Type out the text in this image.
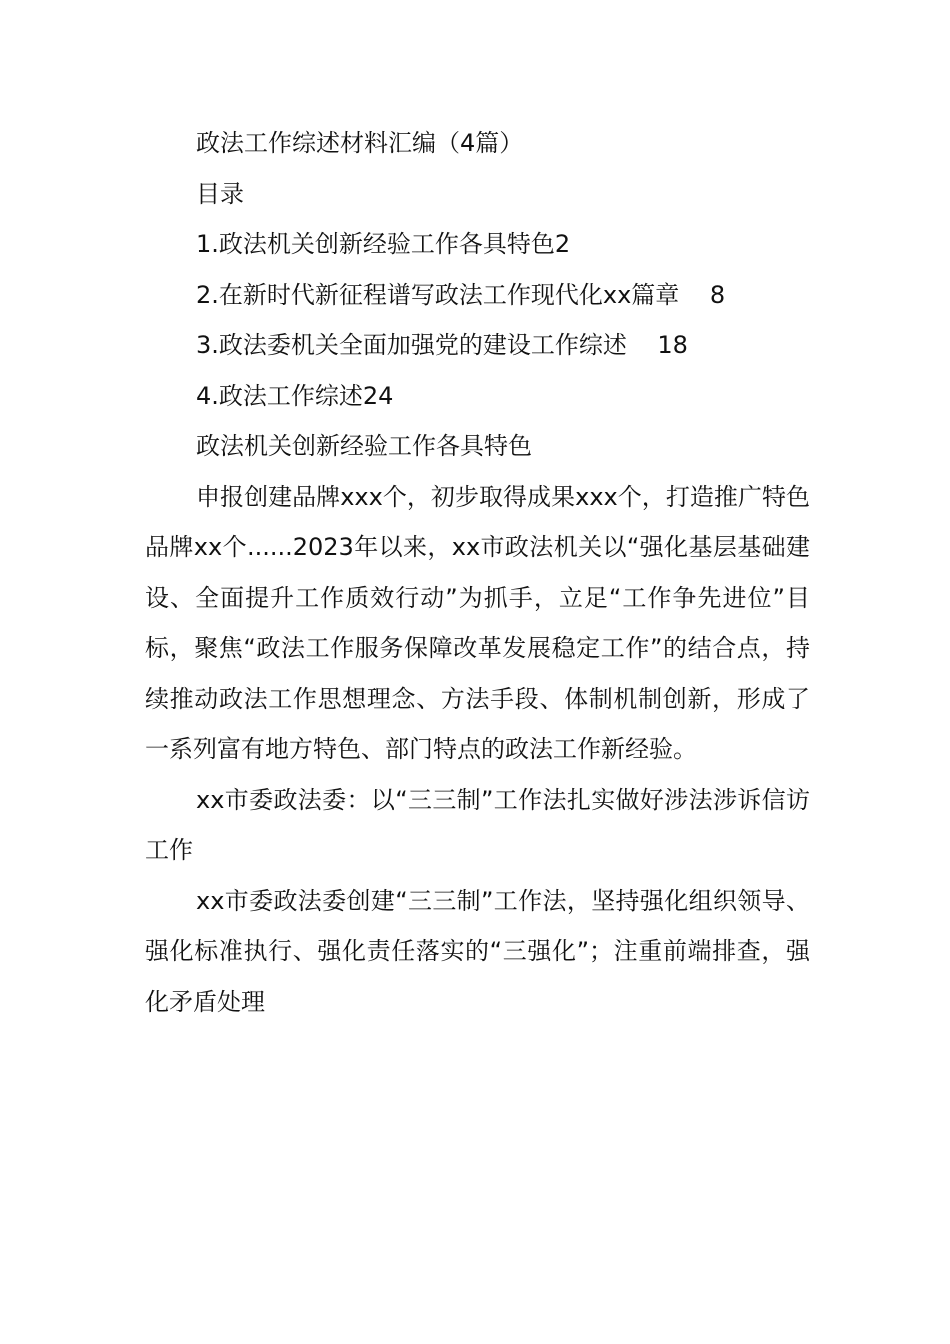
政法工作综述材料汇编（4篇）
目录
1.政法机关创新经验工作各具特色2
2.在新时代新征程谱写政法工作现代化xx篇章    8
3.政法委机关全面加强党的建设工作综述    18
4.政法工作综述24
政法机关创新经验工作各具特色

申报创建品牌xxx个，初步取得成果xxx个，打造推广特色品牌xx个......2023年以来，xx市政法机关以“强化基层基础建设、全面提升工作质效行动”为抓手，立足“工作争先进位”目标，聚焦“政法工作服务保障改革发展稳定工作”的结合点，持续推动政法工作思想理念、方法手段、体制机制创新，形成了一系列富有地方特色、部门特点的政法工作新经验。

xx市委政法委：以“三三制”工作法扎实做好涉法涉诉信访工作

xx市委政法委创建“三三制”工作法，坚持强化组织领导、强化标准执行、强化责任落实的“三强化”；注重前端排查，强化矛盾处理
